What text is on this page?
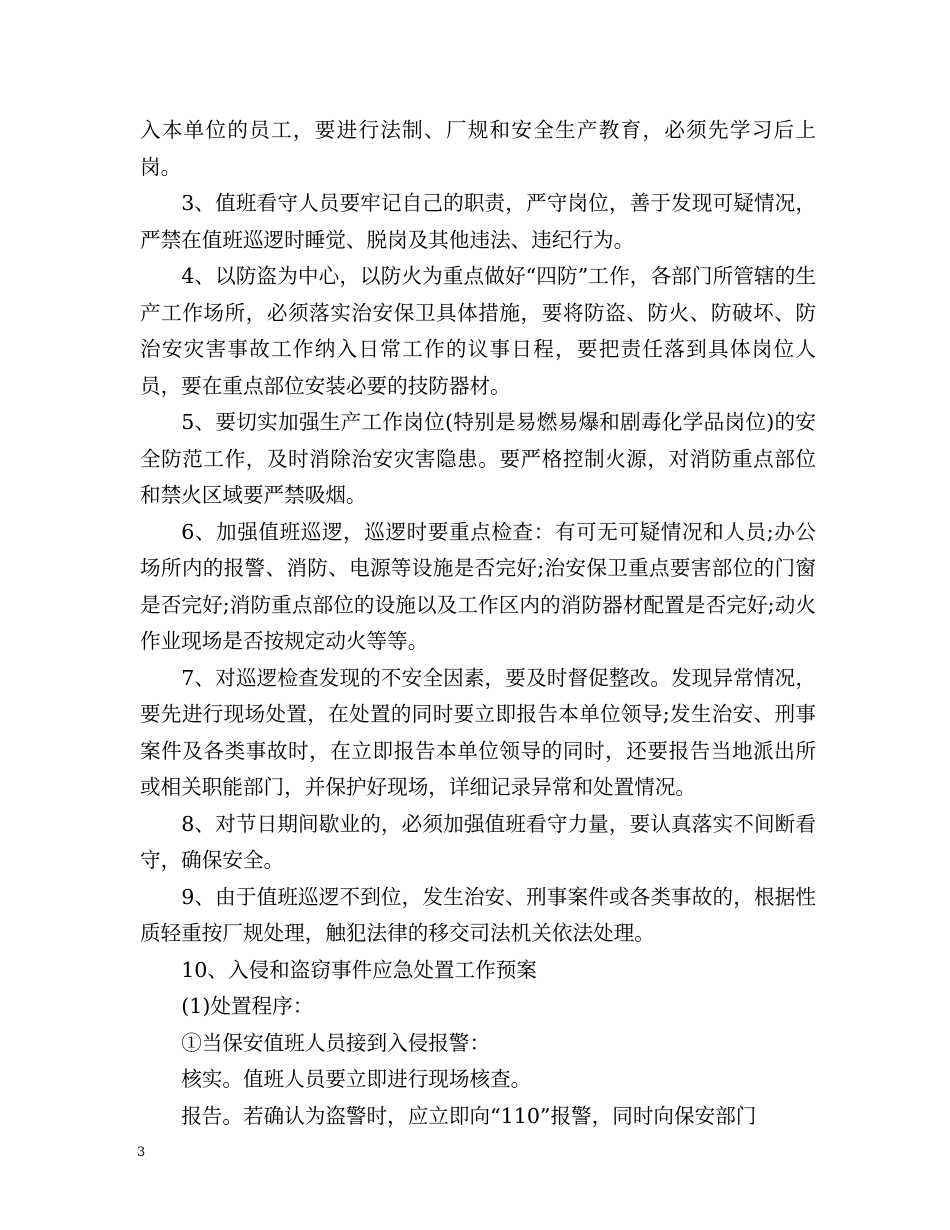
入本单位的员工，要进行法制、厂规和安全生产教育，必须先学习后上岗。

3、值班看守人员要牢记自己的职责，严守岗位，善于发现可疑情况，严禁在值班巡逻时睡觉、脱岗及其他违法、违纪行为。

4、以防盗为中心，以防火为重点做好“四防”工作，各部门所管辖的生产工作场所，必须落实治安保卫具体措施，要将防盗、防火、防破坏、防治安灾害事故工作纳入日常工作的议事日程，要把责任落到具体岗位人员，要在重点部位安装必要的技防器材。

5、要切实加强生产工作岗位(特别是易燃易爆和剧毒化学品岗位)的安全防范工作，及时消除治安灾害隐患。要严格控制火源，对消防重点部位和禁火区域要严禁吸烟。

6、加强值班巡逻，巡逻时要重点检查：有可无可疑情况和人员;办公场所内的报警、消防、电源等设施是否完好;治安保卫重点要害部位的门窗是否完好;消防重点部位的设施以及工作区内的消防器材配置是否完好;动火作业现场是否按规定动火等等。

7、对巡逻检查发现的不安全因素，要及时督促整改。发现异常情况，要先进行现场处置，在处置的同时要立即报告本单位领导;发生治安、刑事案件及各类事故时，在立即报告本单位领导的同时，还要报告当地派出所或相关职能部门，并保护好现场，详细记录异常和处置情况。

8、对节日期间歇业的，必须加强值班看守力量，要认真落实不间断看守，确保安全。

9、由于值班巡逻不到位，发生治安、刑事案件或各类事故的，根据性质轻重按厂规处理，触犯法律的移交司法机关依法处理。

10、入侵和盗窃事件应急处置工作预案

(1)处置程序：

①当保安值班人员接到入侵报警：

核实。值班人员要立即进行现场核查。

报告。若确认为盗警时，应立即向“110”报警，同时向保安部门

3
